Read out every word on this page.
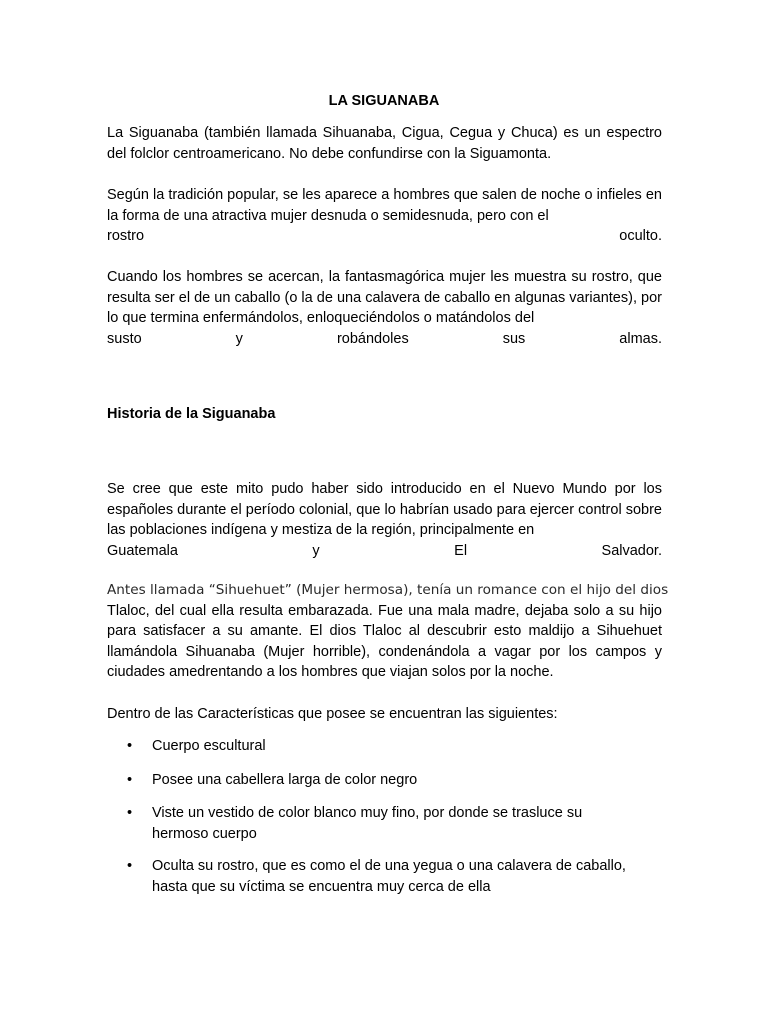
LA SIGUANABA
La Siguanaba (también llamada Sihuanaba, Cigua, Cegua y Chuca) es un espectro del folclor centroamericano. No debe confundirse con la Siguamonta.
Según la tradición popular, se les aparece a hombres que salen de noche o infieles en la forma de una atractiva mujer desnuda o semidesnuda, pero con el
rostro oculto.
Cuando los hombres se acercan, la fantasmagórica mujer les muestra su rostro, que resulta ser el de un caballo (o la de una calavera de caballo en algunas variantes), por lo que termina enfermándolos, enloqueciéndolos o matándolos del
susto y robándoles sus almas.
Historia de la Siguanaba
Se cree que este mito pudo haber sido introducido en el Nuevo Mundo por los españoles durante el período colonial, que lo habrían usado para ejercer control sobre las poblaciones indígena y mestiza de la región, principalmente en
Guatemala y El Salvador.
Antes llamada “Sihuehuet” (Mujer hermosa), tenía un romance con el hijo del dios
Tlaloc, del cual ella resulta embarazada. Fue una mala madre, dejaba solo a su hijo para satisfacer a su amante. El dios Tlaloc al descubrir esto maldijo a Sihuehuet llamándola Sihuanaba (Mujer horrible), condenándola a vagar por los campos y ciudades amedrentando a los hombres que viajan solos por la noche.
Dentro de las Características que posee se encuentran las siguientes:
• Cuerpo escultural
• Posee una cabellera larga de color negro
• Viste un vestido de color blanco muy fino, por donde se trasluce su hermoso cuerpo
• Oculta su rostro, que es como el de una yegua o una calavera de caballo, hasta que su víctima se encuentra muy cerca de ella
